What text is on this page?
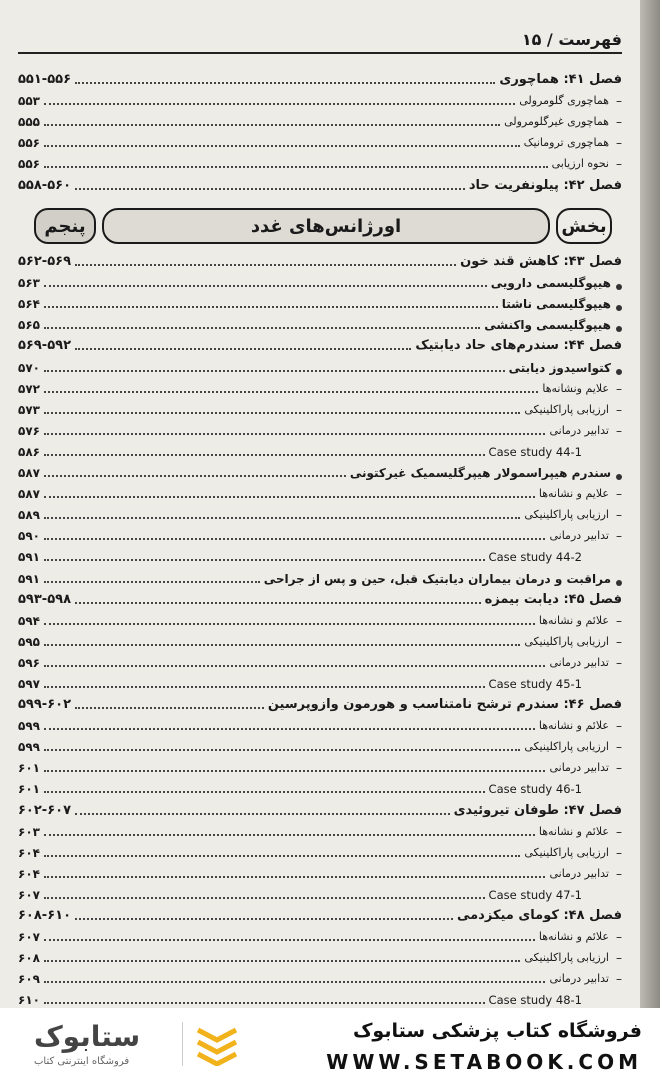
فهرست / ۱۵
فصل ۴۱: هماچوری
۵۵۱-۵۵۶
–
هماچوری گلومرولی
۵۵۳
–
هماچوری غیرگلومرولی
۵۵۵
–
هماچوری ترومانیک
۵۵۶
–
نحوه ارزیابی
۵۵۶
فصل ۴۲: پیلونفریت حاد
۵۵۸-۵۶۰
بخش
اورژانس‌های غدد
پنجم
فصل ۴۳: کاهش قند خون
۵۶۲-۵۶۹
هیپوگلیسمی دارویی
۵۶۳
هیپوگلیسمی ناشتا
۵۶۴
هیپوگلیسمی واکنشی
۵۶۵
فصل ۴۴: سندرم‌های حاد دیابتیک
۵۶۹-۵۹۲
کتواسیدوز دیابتی
۵۷۰
–
علایم ونشانه‌ها
۵۷۲
–
ارزیابی پاراکلینیکی
۵۷۳
–
تدابیر درمانی
۵۷۶
Case study 44-1
۵۸۶
سندرم هیپراسمولار هیپرگلیسمیک غیرکتونی
۵۸۷
–
علایم و نشانه‌ها
۵۸۷
–
ارزیابی پاراکلینیکی
۵۸۹
–
تدابیر درمانی
۵۹۰
Case study 44-2
۵۹۱
مراقبت و درمان بیماران دیابتیک قبل، حین و پس از جراحی
۵۹۱
فصل ۴۵: دیابت بیمزه
۵۹۳-۵۹۸
–
علائم و نشانه‌ها
۵۹۴
–
ارزیابی پاراکلینیکی
۵۹۵
–
تدابیر درمانی
۵۹۶
Case study 45-1
۵۹۷
فصل ۴۶: سندرم ترشح نامتناسب و هورمون وازوپرسین
۵۹۹-۶۰۲
–
علائم و نشانه‌ها
۵۹۹
–
ارزیابی پاراکلینیکی
۵۹۹
–
تدابیر درمانی
۶۰۱
Case study 46-1
۶۰۱
فصل ۴۷: طوفان تیروئیدی
۶۰۲-۶۰۷
–
علائم و نشانه‌ها
۶۰۳
–
ارزیابی پاراکلینیکی
۶۰۴
–
تدابیر درمانی
۶۰۴
Case study 47-1
۶۰۷
فصل ۴۸: کومای میکزدمی
۶۰۸-۶۱۰
–
علائم و نشانه‌ها
۶۰۷
–
ارزیابی پاراکلینیکی
۶۰۸
–
تدابیر درمانی
۶۰۹
Case study 48-1
۶۱۰
فروشگاه کتاب پزشکی ستابوک
WWW.SETABOOK.COM
ستابوک
فروشگاه اینترنتی کتاب
